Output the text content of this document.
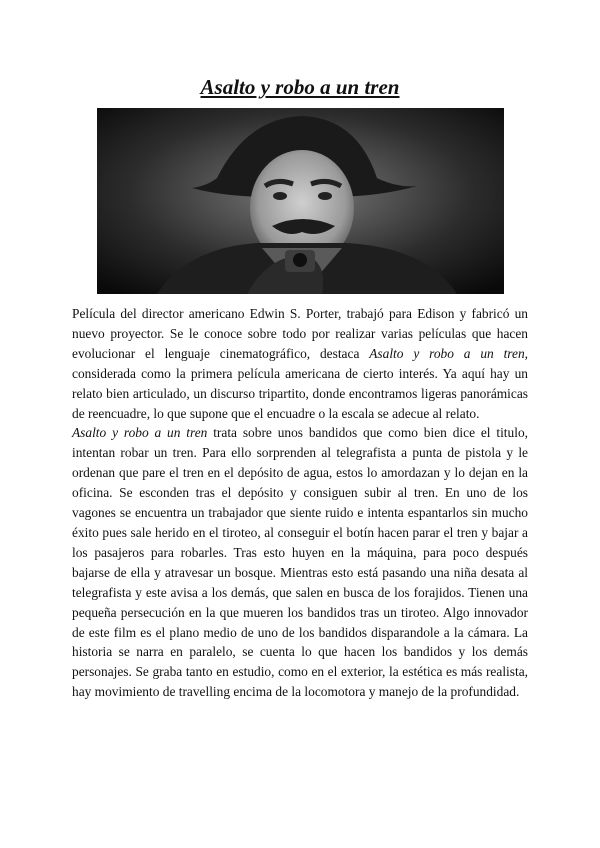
Asalto y robo a un tren

Película del director americano Edwin S. Porter, trabajó para Edison y fabricó un nuevo proyector. Se le conoce sobre todo por realizar varias películas que hacen evolucionar el lenguaje cinematográfico, destaca Asalto y robo a un tren, considerada como la primera película americana de cierto interés. Ya aquí hay un relato bien articulado, un discurso tripartito, donde encontramos ligeras panorámicas de reencuadre, lo que supone que el encuadre o la escala se adecue al relato.

Asalto y robo a un tren trata sobre unos bandidos que como bien dice el titulo, intentan robar un tren. Para ello sorprenden al telegrafista a punta de pistola y le ordenan que pare el tren en el depósito de agua, estos lo amordazan y lo dejan en la oficina. Se esconden tras el depósito y consiguen subir al tren. En uno de los vagones se encuentra un trabajador que siente ruido e intenta espantarlos sin mucho éxito pues sale herido en el tiroteo, al conseguir el botín hacen parar el tren y bajar a los pasajeros para robarles. Tras esto huyen en la máquina, para poco después bajarse de ella y atravesar un bosque. Mientras esto está pasando una niña desata al telegrafista y este avisa a los demás, que salen en busca de los forajidos. Tienen una pequeña persecución en la que mueren los bandidos tras un tiroteo. Algo innovador de este film es el plano medio de uno de los bandidos disparandole a la cámara. La historia se narra en paralelo, se cuenta lo que hacen los bandidos y los demás personajes. Se graba tanto en estudio, como en el exterior, la estética es más realista, hay movimiento de travelling encima de la locomotora y manejo de la profundidad.
